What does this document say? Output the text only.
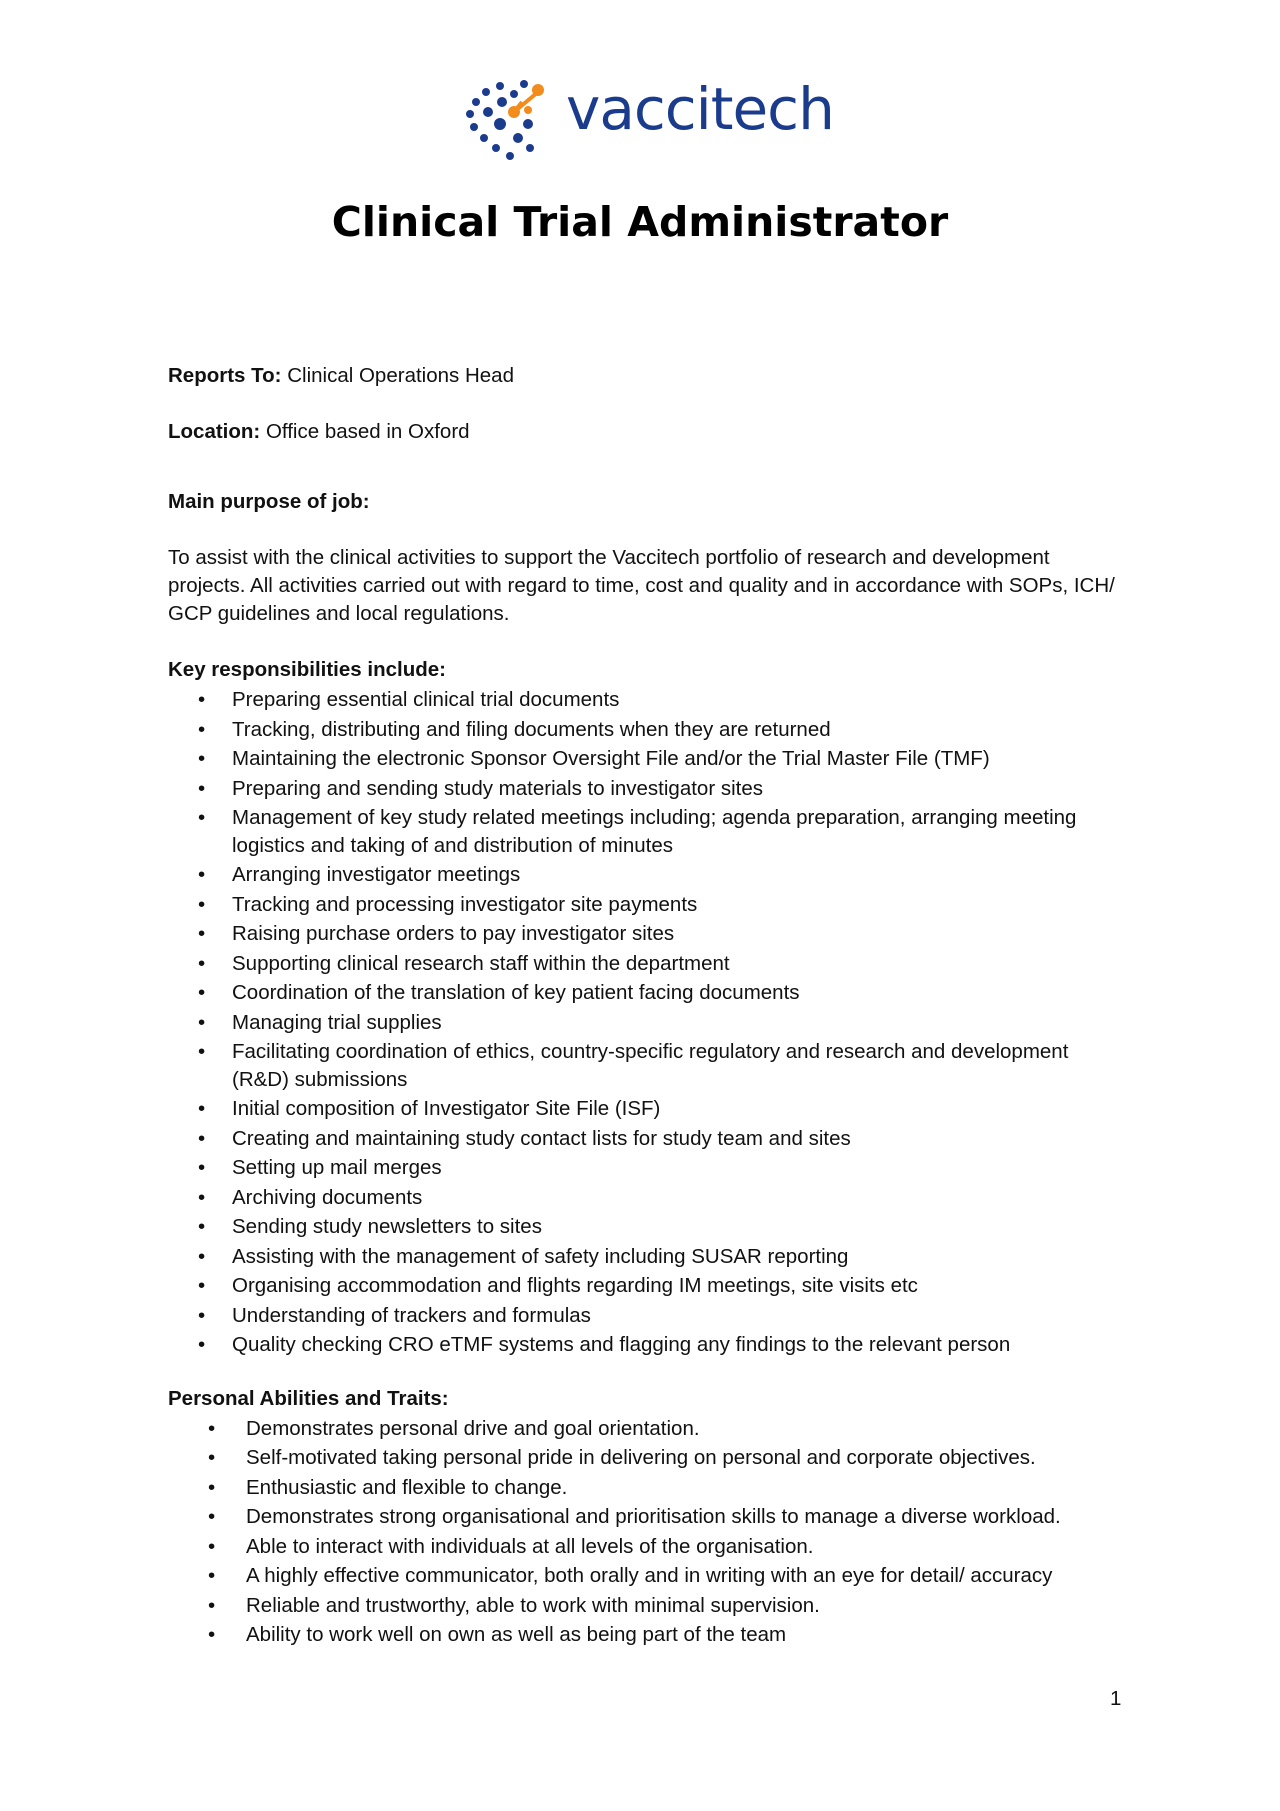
vaccitech
Clinical Trial Administrator

Reports To: Clinical Operations Head

Location: Office based in Oxford

Main purpose of job:

To assist with the clinical activities to support the Vaccitech portfolio of research and development projects. All activities carried out with regard to time, cost and quality and in accordance with SOPs, ICH/ GCP guidelines and local regulations.

Key responsibilities include:

• Preparing essential clinical trial documents
• Tracking, distributing and filing documents when they are returned
• Maintaining the electronic Sponsor Oversight File and/or the Trial Master File (TMF)
• Preparing and sending study materials to investigator sites
• Management of key study related meetings including; agenda preparation, arranging meeting logistics and taking of and distribution of minutes
• Arranging investigator meetings
• Tracking and processing investigator site payments
• Raising purchase orders to pay investigator sites
• Supporting clinical research staff within the department
• Coordination of the translation of key patient facing documents
• Managing trial supplies
• Facilitating coordination of ethics, country-specific regulatory and research and development (R&D) submissions
• Initial composition of Investigator Site File (ISF)
• Creating and maintaining study contact lists for study team and sites
• Setting up mail merges
• Archiving documents
• Sending study newsletters to sites
• Assisting with the management of safety including SUSAR reporting
• Organising accommodation and flights regarding IM meetings, site visits etc
• Understanding of trackers and formulas
• Quality checking CRO eTMF systems and flagging any findings to the relevant person

Personal Abilities and Traits:

• Demonstrates personal drive and goal orientation.
• Self-motivated taking personal pride in delivering on personal and corporate objectives.
• Enthusiastic and flexible to change.
• Demonstrates strong organisational and prioritisation skills to manage a diverse workload.
• Able to interact with individuals at all levels of the organisation.
• A highly effective communicator, both orally and in writing with an eye for detail/ accuracy
• Reliable and trustworthy, able to work with minimal supervision.
• Ability to work well on own as well as being part of the team
1
